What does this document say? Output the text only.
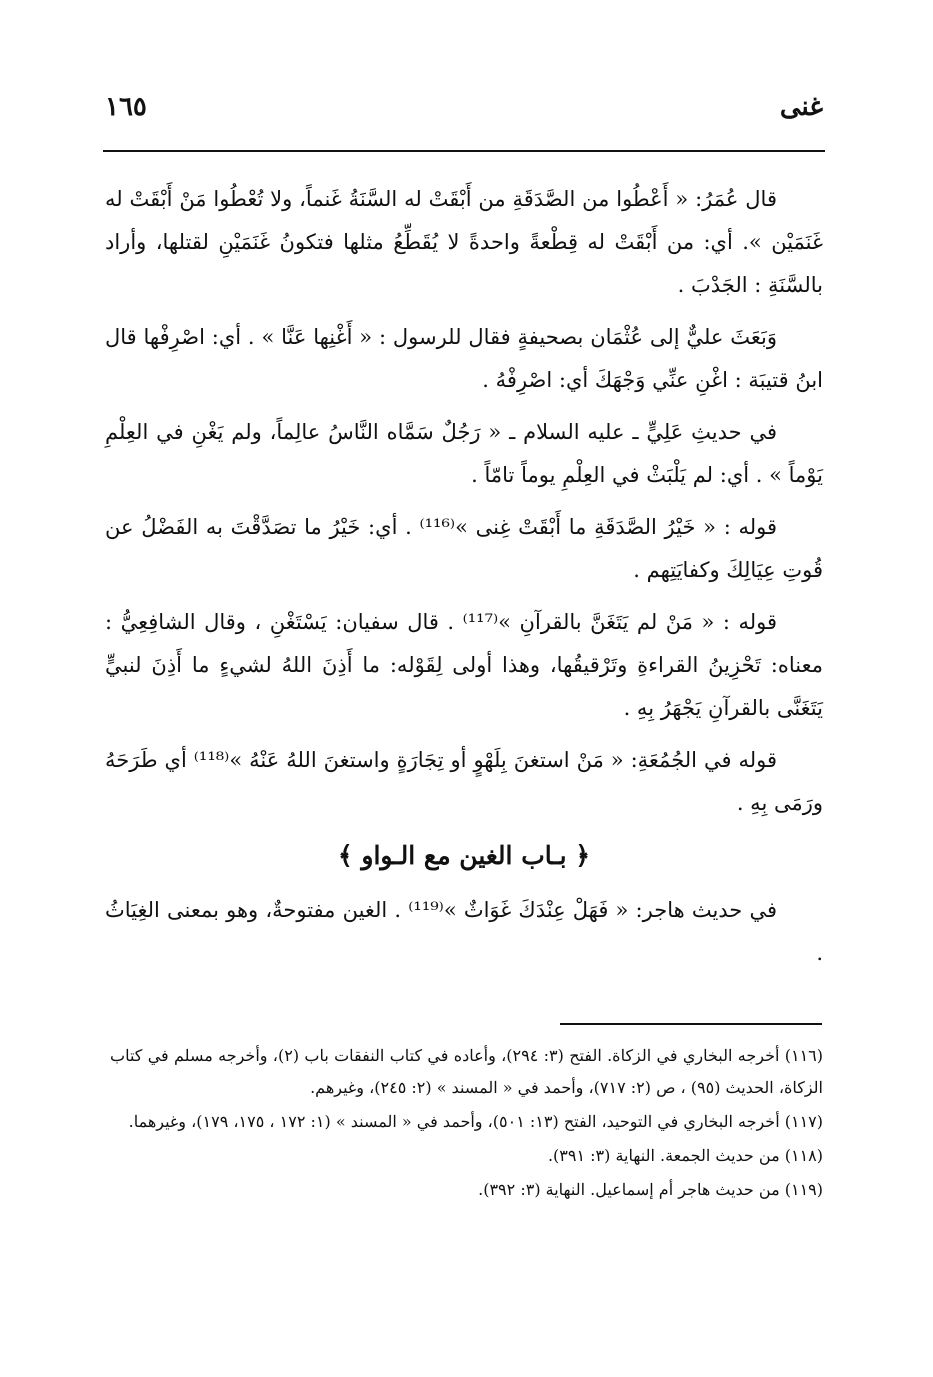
غنى
١٦٥

قال عُمَرُ: « أَعْطُوا من الصَّدَقَةِ من أَبْقَتْ له السَّنَةُ غَنماً، ولا تُعْطُوا مَنْ أَبْقَتْ له غَنَمَيْن ». أي: من أَبْقَتْ له قِطْعةً واحدةً لا يُقَطِّعُ مثلها فتكونُ غَنَمَيْنِ لقتلها، وأراد بالسَّنَةِ : الجَدْبَ .

وَبَعَثَ عليٌّ إلى عُثْمَان بصحيفةٍ فقال للرسول : « أَغْنِها عَنَّا » . أي: اصْرِفْها قال ابنُ قتيبَة : اغْنِ عنِّي وَجْهَكَ أي: اصْرِفْهُ .

في حديثِ عَلِيٍّ ـ عليه السلام ـ « رَجُلٌ سَمَّاه النَّاسُ عالِماً، ولم يَغْنِ في العِلْمِ يَوْماً » . أي: لم يَلْبَثْ في العِلْمِ يوماً تامّاً .

قوله : « خَيْرُ الصَّدَقَةِ ما أَبْقَتْ غِنى »⁽¹¹⁶⁾ . أي: خَيْرُ ما تصَدَّقْتَ به الفَضْلُ عن قُوتِ عِيَالِكَ وكفايَتِهم .

قوله : « مَنْ لم يَتَغَنَّ بالقرآنِ »⁽¹¹⁷⁾ . قال سفيان: يَسْتَغْنِ ، وقال الشافِعِيُّ : معناه: تَحْزِينُ القراءةِ وتَرْقيقُها، وهذا أولى لِقَوْله: ما أَذِنَ اللهُ لشيءٍ ما أَذِنَ لنبيٍّ يَتَغَنَّى بالقرآنِ يَجْهَرُ بِهِ .

قوله في الجُمُعَةِ: « مَنْ استغنَ بِلَهْوٍ أو تِجَارَةٍ واستغنَ اللهُ عَنْهُ »⁽¹¹⁸⁾ أي طَرَحَهُ ورَمَى بِهِ .

﴿ بـاب الغين مع الـواو ﴾

في حديث هاجر: « فَهَلْ عِنْدَكَ غَوَاثٌ »⁽¹¹⁹⁾ . الغين مفتوحةٌ، وهو بمعنى الغِيَاثُ .

(١١٦) أخرجه البخاري في الزكاة. الفتح (٣: ٢٩٤)، وأعاده في كتاب النفقات باب (٢)، وأخرجه مسلم في كتاب الزكاة، الحديث (٩٥) ، ص (٢: ٧١٧)، وأحمد في « المسند » (٢: ٢٤٥)، وغيرهم.

(١١٧) أخرجه البخاري في التوحيد، الفتح (١٣: ٥٠١)، وأحمد في « المسند » (١: ١٧٢ ، ١٧٥، ١٧٩)، وغيرهما.

(١١٨) من حديث الجمعة. النهاية (٣: ٣٩١).

(١١٩) من حديث هاجر أم إسماعيل. النهاية (٣: ٣٩٢).
